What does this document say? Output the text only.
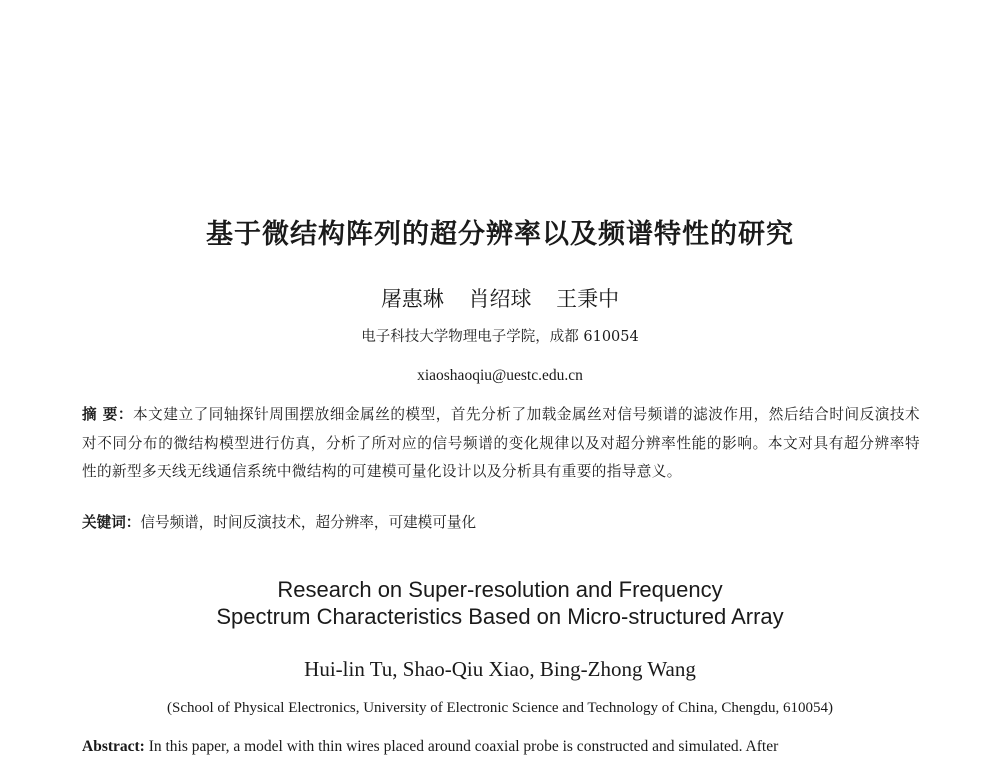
基于微结构阵列的超分辨率以及频谱特性的研究
屠惠琳 肖绍球 王秉中
电子科技大学物理电子学院，成都 610054
xiaoshaoqiu@uestc.edu.cn
摘 要：本文建立了同轴探针周围摆放细金属丝的模型，首先分析了加载金属丝对信号频谱的滤波作用，然后结合时间反演技术对不同分布的微结构模型进行仿真，分析了所对应的信号频谱的变化规律以及对超分辨率性能的影响。本文对具有超分辨率特性的新型多天线无线通信系统中微结构的可建模可量化设计以及分析具有重要的指导意义。
关键词：信号频谱，时间反演技术，超分辨率，可建模可量化
Research on Super-resolution and Frequency
Spectrum Characteristics Based on Micro-structured Array
Hui-lin Tu, Shao-Qiu Xiao, Bing-Zhong Wang
(School of Physical Electronics, University of Electronic Science and Technology of China, Chengdu, 610054)
Abstract: In this paper, a model with thin wires placed around coaxial probe is constructed and simulated. After
